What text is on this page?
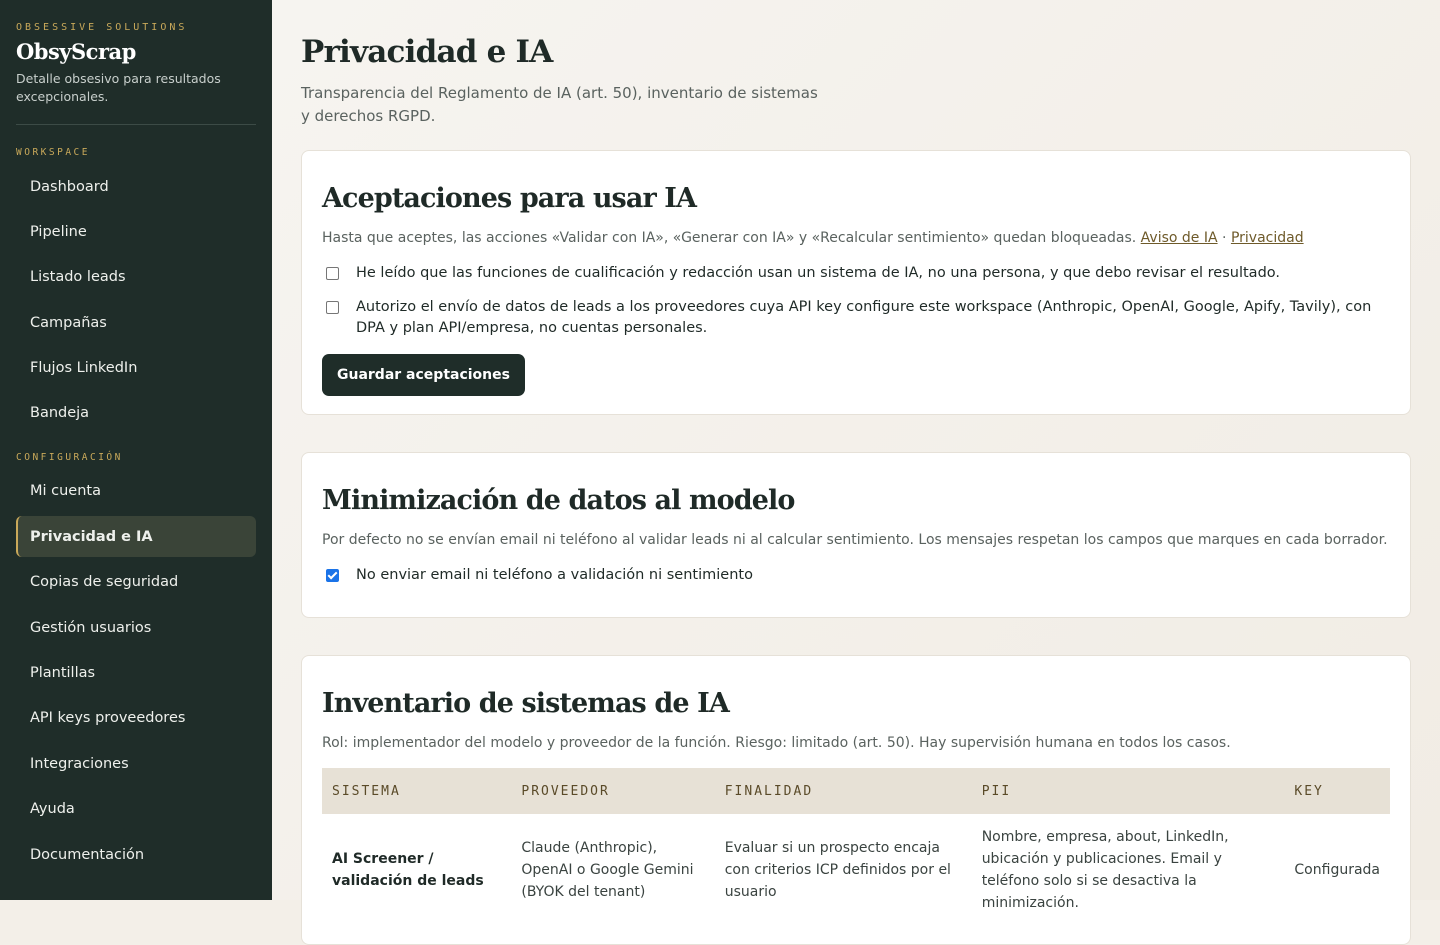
OBSESSIVE SOLUTIONS
ObsyScrap
Detalle obsesivo para resultados excepcionales.
WORKSPACE
Dashboard
Pipeline
Listado leads
Campañas
Flujos LinkedIn
Bandeja
CONFIGURACIÓN
Mi cuenta
Privacidad e IA
Copias de seguridad
Gestión usuarios
Plantillas
API keys proveedores
Integraciones
Ayuda
Documentación
Privacidad e IA

Transparencia del Reglamento de IA (art. 50), inventario de sistemas y derechos RGPD.

Aceptaciones para usar IA

Hasta que aceptes, las acciones «Validar con IA», «Generar con IA» y «Recalcular sentimiento» quedan bloqueadas. Aviso de IA · Privacidad

He leído que las funciones de cualificación y redacción usan un sistema de IA, no una persona, y que debo revisar el resultado.
Autorizo el envío de datos de leads a los proveedores cuya API key configure este workspace (Anthropic, OpenAI, Google, Apify, Tavily), con DPA y plan API/empresa, no cuentas personales.
Guardar aceptaciones
Minimización de datos al modelo

Por defecto no se envían email ni teléfono al validar leads ni al calcular sentimiento. Los mensajes respetan los campos que marques en cada borrador.

No enviar email ni teléfono a validación ni sentimiento
Inventario de sistemas de IA

Rol: implementador del modelo y proveedor de la función. Riesgo: limitado (art. 50). Hay supervisión humana en todos los casos.

SISTEMA	PROVEEDOR	FINALIDAD	PII	KEY
AI Screener / validación de leads	Claude (Anthropic), OpenAI o Google Gemini (BYOK del tenant)	Evaluar si un prospecto encaja con criterios ICP definidos por el usuario	Nombre, empresa, about, LinkedIn, ubicación y publicaciones. Email y teléfono solo si se desactiva la minimización.	Configurada
